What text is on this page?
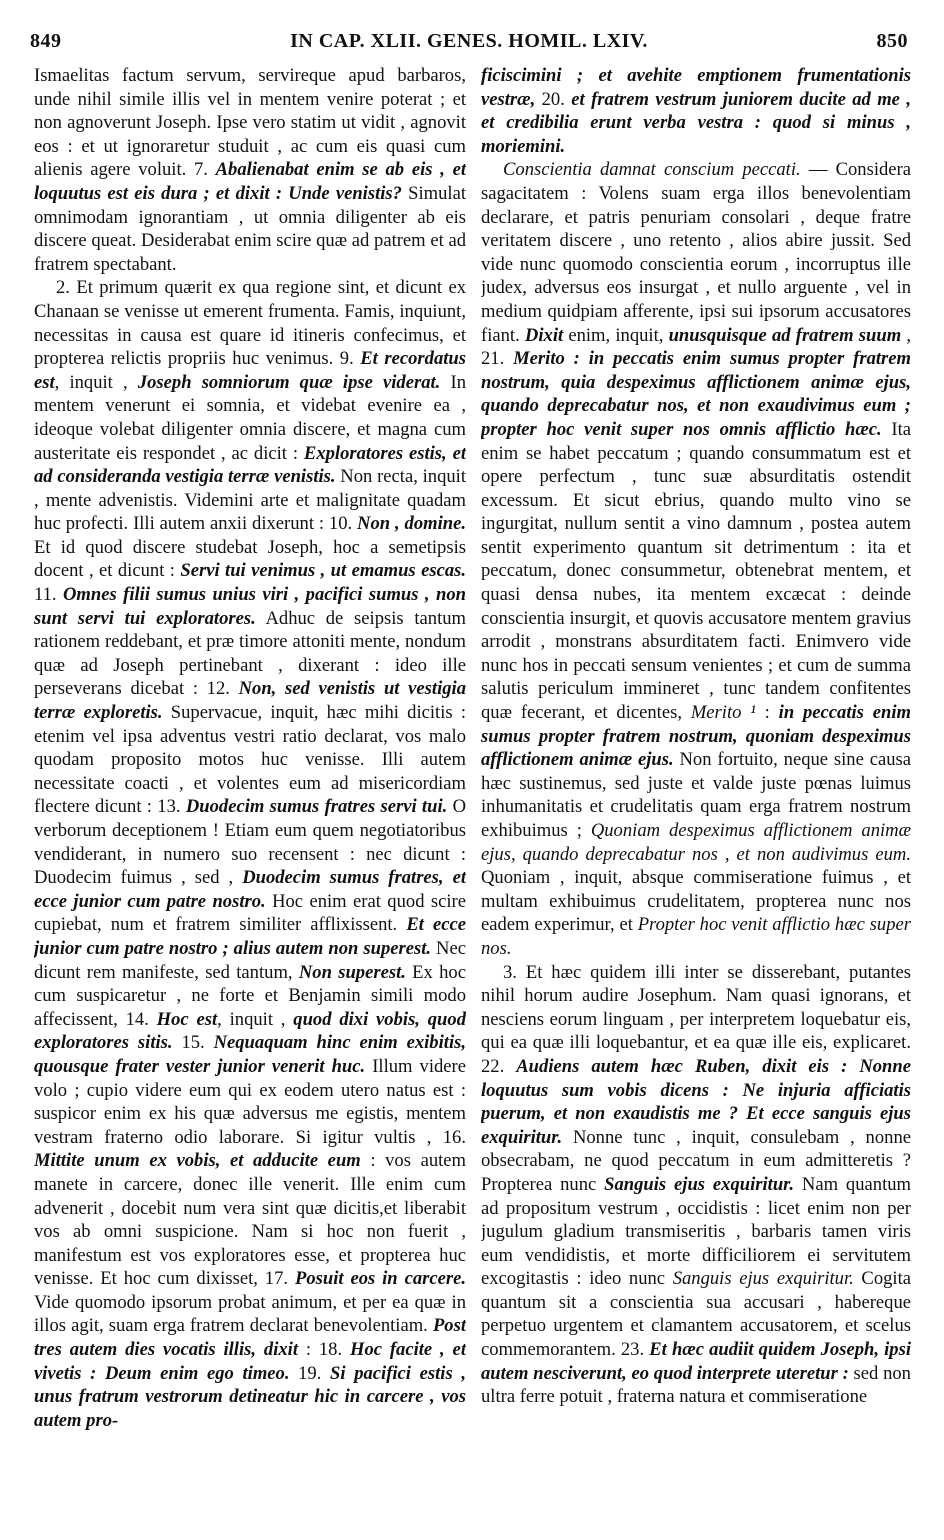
849	IN CAP. XLII. GENES. HOMIL. LXIV.	850

Ismaelitas factum servum, servireque apud barbaros, unde nihil simile illis vel in mentem venire poterat ; et non agnoverunt Joseph. Ipse vero statim ut vidit , agnovit eos : et ut ignoraretur studuit , ac cum eis quasi cum alienis agere voluit. 7. Abalienabat enim se ab eis , et loquutus est eis dura ; et dixit : Unde venistis? Simulat omnimodam ignorantiam , ut omnia diligenter ab eis discere queat. Desiderabat enim scire quæ ad patrem et ad fratrem spectabant.

2. Et primum quærit ex qua regione sint, et dicunt ex Chanaan se venisse ut emerent frumenta. Famis, inquiunt, necessitas in causa est quare id itineris confecimus, et propterea relictis propriis huc venimus. 9. Et recordatus est, inquit , Joseph somniorum quæ ipse viderat. In mentem venerunt ei somnia, et videbat evenire ea , ideoque volebat diligenter omnia discere, et magna cum austeritate eis respondet , ac dicit : Exploratores estis, et ad consideranda vestigia terræ venistis. Non recta, inquit , mente advenistis. Videmini arte et malignitate quadam huc profecti. Illi autem anxii dixerunt : 10. Non , domine. Et id quod discere studebat Joseph, hoc a semetipsis docent , et dicunt : Servi tui venimus , ut emamus escas. 11. Omnes filii sumus unius viri , pacifici sumus , non sunt servi tui exploratores. Adhuc de seipsis tantum rationem reddebant, et præ timore attoniti mente, nondum quæ ad Joseph pertinebant , dixerant : ideo ille perseverans dicebat : 12. Non, sed venistis ut vestigia terræ exploretis. Supervacue, inquit, hæc mihi dicitis : etenim vel ipsa adventus vestri ratio declarat, vos malo quodam proposito motos huc venisse. Illi autem necessitate coacti , et volentes eum ad misericordiam flectere dicunt : 13. Duodecim sumus fratres servi tui. O verborum deceptionem ! Etiam eum quem negotiatoribus vendiderant, in numero suo recensent : nec dicunt : Duodecim fuimus , sed , Duodecim sumus fratres, et ecce junior cum patre nostro. Hoc enim erat quod scire cupiebat, num et fratrem similiter afflixissent. Et ecce junior cum patre nostro ; alius autem non superest. Nec dicunt rem manifeste, sed tantum, Non superest. Ex hoc cum suspicaretur , ne forte et Benjamin simili modo affecissent, 14. Hoc est, inquit , quod dixi vobis, quod exploratores sitis. 15. Nequaquam hinc enim exibitis, quousque frater vester junior venerit huc. Illum videre volo ; cupio videre eum qui ex eodem utero natus est : suspicor enim ex his quæ adversus me egistis, mentem vestram fraterno odio laborare. Si igitur vultis , 16. Mittite unum ex vobis, et adducite eum : vos autem manete in carcere, donec ille venerit. Ille enim cum advenerit , docebit num vera sint quæ dicitis,et liberabit vos ab omni suspicione. Nam si hoc non fuerit , manifestum est vos exploratores esse, et propterea huc venisse. Et hoc cum dixisset, 17. Posuit eos in carcere. Vide quomodo ipsorum probat animum, et per ea quæ in illos agit, suam erga fratrem declarat benevolentiam. Post tres autem dies vocatis illis, dixit : 18. Hoc facite , et vivetis : Deum enim ego timeo. 19. Si pacifici estis , unus fratrum vestrorum detineatur hic in carcere , vos autem pro-

ficiscimini ; et avehite emptionem frumentationis vestræ, 20. et fratrem vestrum juniorem ducite ad me , et credibilia erunt verba vestra : quod si minus , moriemini.

Conscientia damnat conscium peccati. — Considera sagacitatem : Volens suam erga illos benevolentiam declarare, et patris penuriam consolari , deque fratre veritatem discere , uno retento , alios abire jussit. Sed vide nunc quomodo conscientia eorum , incorruptus ille judex, adversus eos insurgat , et nullo arguente , vel in medium quidpiam afferente, ipsi sui ipsorum accusatores fiant. Dixit enim, inquit, unusquisque ad fratrem suum , 21. Merito : in peccatis enim sumus propter fratrem nostrum, quia despeximus afflictionem animæ ejus, quando deprecabatur nos, et non exaudivimus eum ; propter hoc venit super nos omnis afflictio hæc. Ita enim se habet peccatum ; quando consummatum est et opere perfectum , tunc suæ absurditatis ostendit excessum. Et sicut ebrius, quando multo vino se ingurgitat, nullum sentit a vino damnum , postea autem sentit experimento quantum sit detrimentum : ita et peccatum, donec consummetur, obtenebrat mentem, et quasi densa nubes, ita mentem excæcat : deinde conscientia insurgit, et quovis accusatore mentem gravius arrodit , monstrans absurditatem facti. Enimvero vide nunc hos in peccati sensum venientes ; et cum de summa salutis periculum immineret , tunc tandem confitentes quæ fecerant, et dicentes, Merito ¹ : in peccatis enim sumus propter fratrem nostrum, quoniam despeximus afflictionem animæ ejus. Non fortuito, neque sine causa hæc sustinemus, sed juste et valde juste pœnas luimus inhumanitatis et crudelitatis quam erga fratrem nostrum exhibuimus ; Quoniam despeximus afflictionem animæ ejus, quando deprecabatur nos , et non audivimus eum. Quoniam , inquit, absque commiseratione fuimus , et multam exhibuimus crudelitatem, propterea nunc nos eadem experimur, et Propter hoc venit afflictio hæc super nos.

3. Et hæc quidem illi inter se disserebant, putantes nihil horum audire Josephum. Nam quasi ignorans, et nesciens eorum linguam , per interpretem loquebatur eis, qui ea quæ illi loquebantur, et ea quæ ille eis, explicaret. 22. Audiens autem hæc Ruben, dixit eis : Nonne loquutus sum vobis dicens : Ne injuria afficiatis puerum, et non exaudistis me ? Et ecce sanguis ejus exquiritur. Nonne tunc , inquit, consulebam , nonne obsecrabam, ne quod peccatum in eum admitteretis ? Propterea nunc Sanguis ejus exquiritur. Nam quantum ad propositum vestrum , occidistis : licet enim non per jugulum gladium transmiseritis , barbaris tamen viris eum vendidistis, et morte difficiliorem ei servitutem excogitastis : ideo nunc Sanguis ejus exquiritur. Cogita quantum sit a conscientia sua accusari , habereque perpetuo urgentem et clamantem accusatorem, et scelus commemorantem. 23. Et hæc audiit quidem Joseph, ipsi autem nesciverunt, eo quod interprete uteretur : sed non ultra ferre potuit , fraterna natura et commiseratione
